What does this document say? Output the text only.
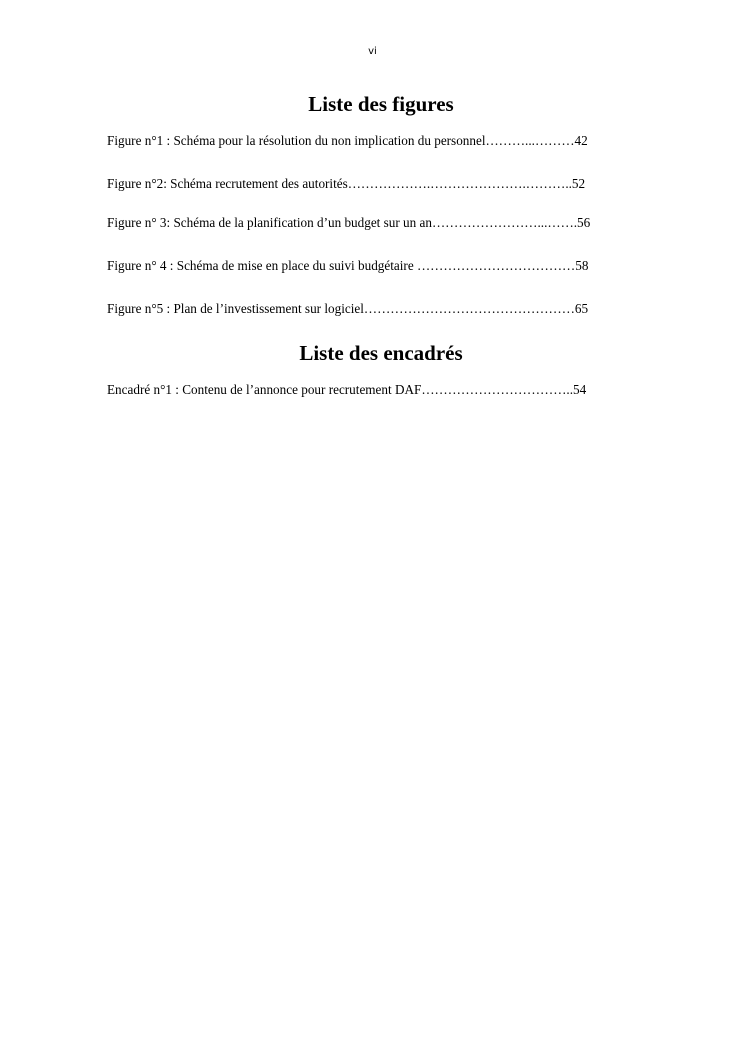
vi
Liste des figures
Figure n°1 : Schéma pour la résolution du non implication du personnel………...………42
Figure n°2: Schéma recrutement des autorités……………….………………….………..52
Figure n° 3: Schéma de la planification d’un budget sur un an……………………...…….56
Figure n° 4 : Schéma de mise en place du suivi budgétaire ………………………………58
Figure n°5 : Plan de l’investissement sur logiciel…………………………………………65
Liste des encadrés
Encadré n°1 : Contenu de l’annonce pour recrutement DAF……………………………..54
